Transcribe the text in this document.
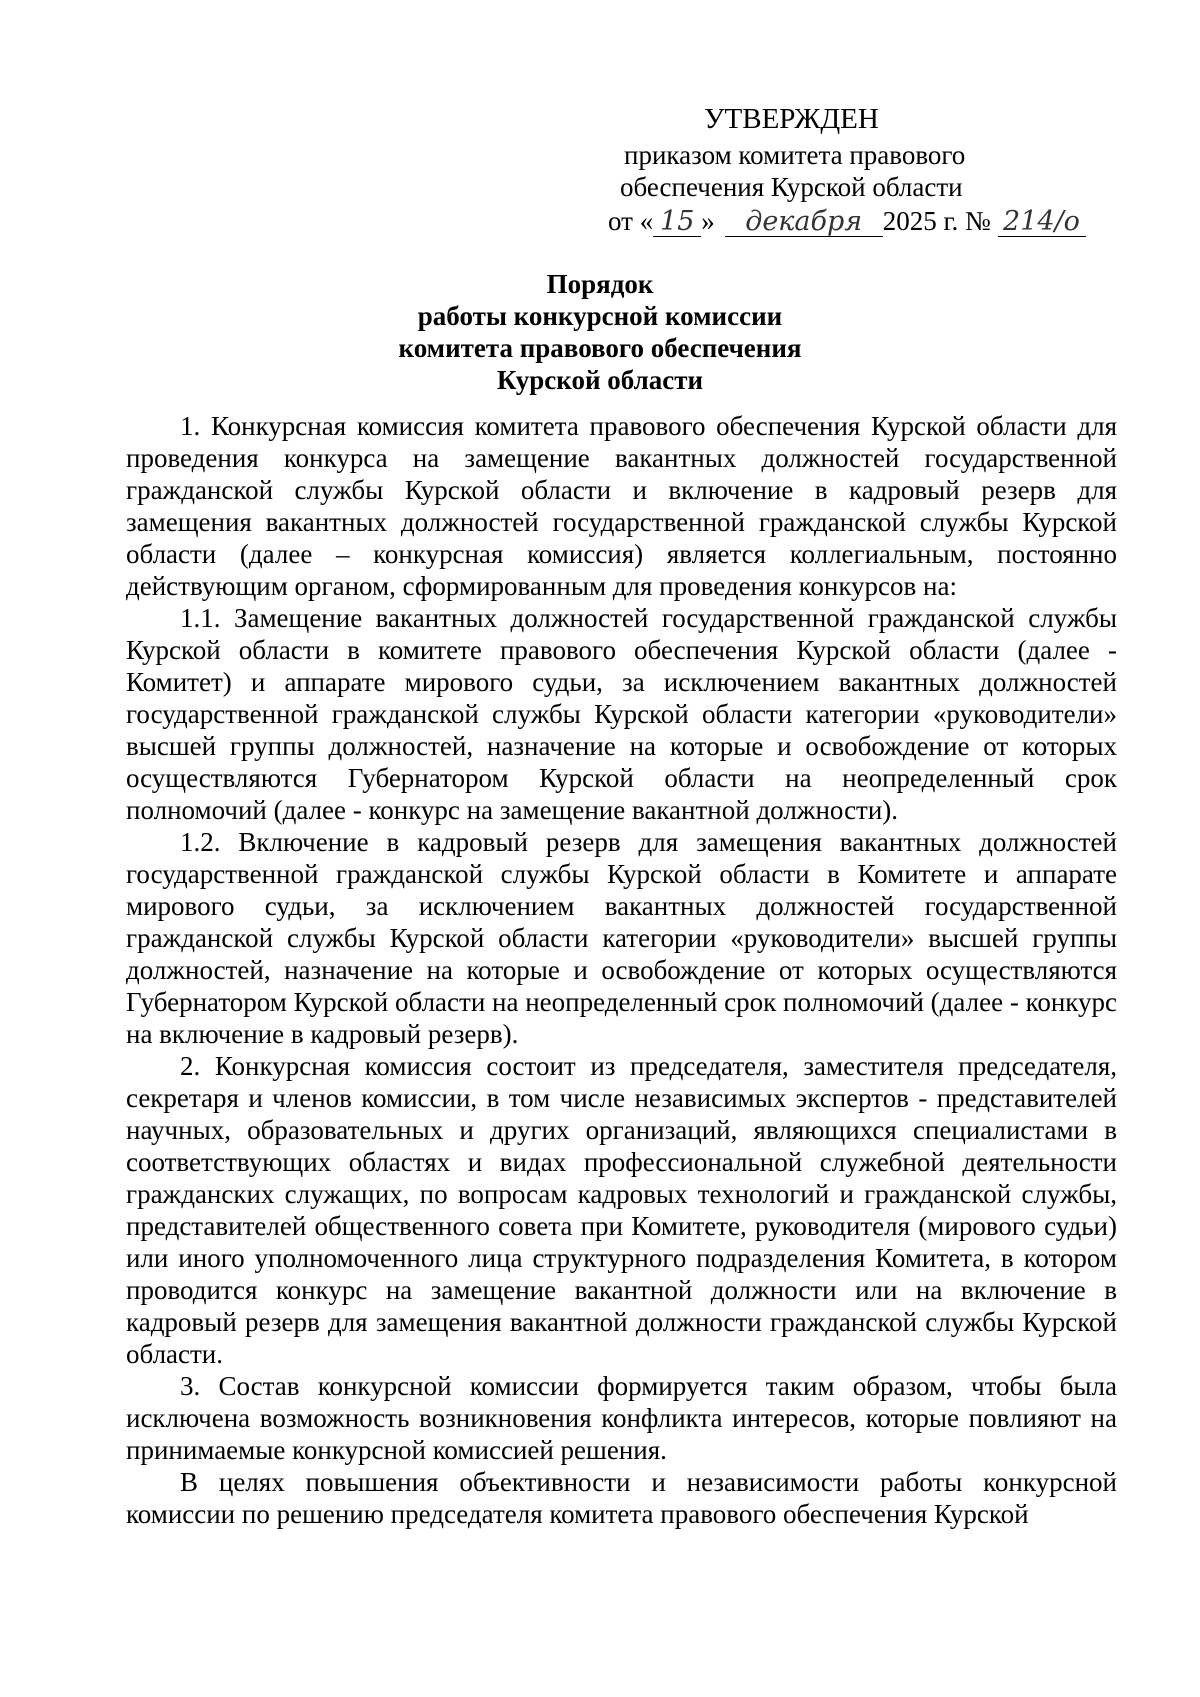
УТВЕРЖДЕН
приказом комитета правового
обеспечения Курской области
от « 15 » декабря 2025 г. № 214/о
Порядок
работы конкурсной комиссии
комитета правового обеспечения
Курской области

1. Конкурсная комиссия комитета правового обеспечения Курской области для проведения конкурса на замещение вакантных должностей государственной гражданской службы Курской области и включение в кадровый резерв для замещения вакантных должностей государственной гражданской службы Курской области (далее – конкурсная комиссия) является коллегиальным, постоянно действующим органом, сформированным для проведения конкурсов на:

1.1. Замещение вакантных должностей государственной гражданской службы Курской области в комитете правового обеспечения Курской области (далее - Комитет) и аппарате мирового судьи, за исключением вакантных должностей государственной гражданской службы Курской области категории «руководители» высшей группы должностей, назначение на которые и освобождение от которых осуществляются Губернатором Курской области на неопределенный срок полномочий (далее - конкурс на замещение вакантной должности).

1.2. Включение в кадровый резерв для замещения вакантных должностей государственной гражданской службы Курской области в Комитете и аппарате мирового судьи, за исключением вакантных должностей государственной гражданской службы Курской области категории «руководители» высшей группы должностей, назначение на которые и освобождение от которых осуществляются Губернатором Курской области на неопределенный срок полномочий (далее - конкурс на включение в кадровый резерв).

2. Конкурсная комиссия состоит из председателя, заместителя председателя, секретаря и членов комиссии, в том числе независимых экспертов - представителей научных, образовательных и других организаций, являющихся специалистами в соответствующих областях и видах профессиональной служебной деятельности гражданских служащих, по вопросам кадровых технологий и гражданской службы, представителей общественного совета при Комитете, руководителя (мирового судьи) или иного уполномоченного лица структурного подразделения Комитета, в котором проводится конкурс на замещение вакантной должности или на включение в кадровый резерв для замещения вакантной должности гражданской службы Курской области.

3. Состав конкурсной комиссии формируется таким образом, чтобы была исключена возможность возникновения конфликта интересов, которые повлияют на принимаемые конкурсной комиссией решения.

В целях повышения объективности и независимости работы конкурсной комиссии по решению председателя комитета правового обеспечения Курской
